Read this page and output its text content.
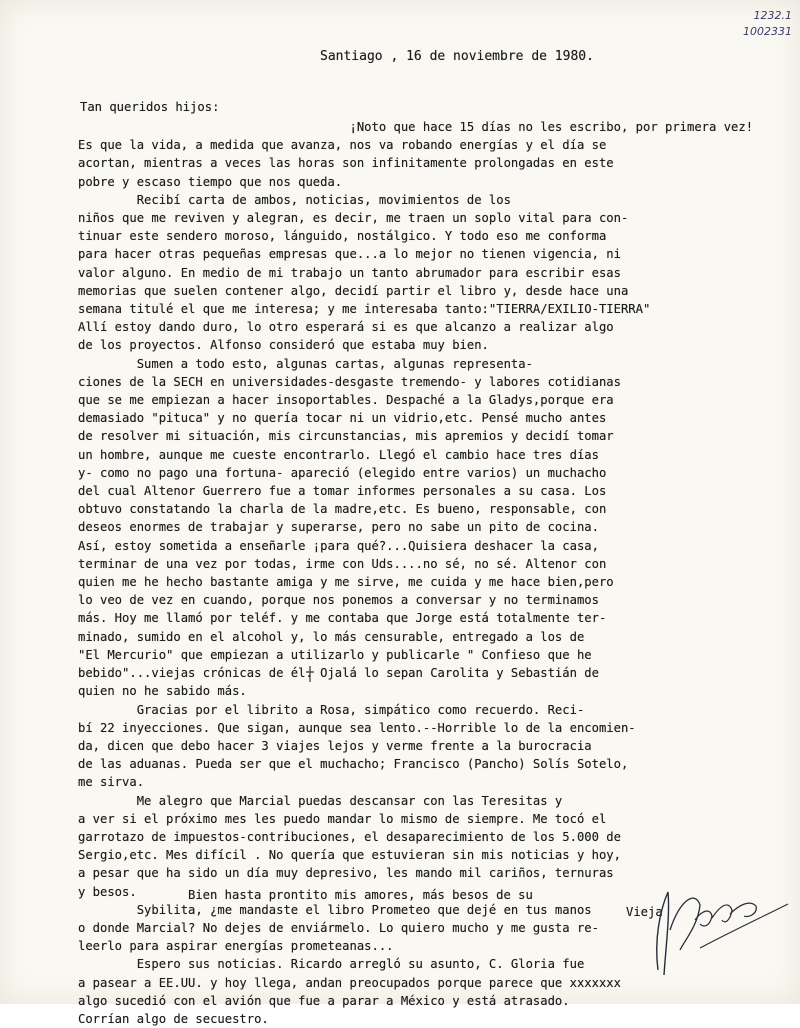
1232.1
1002331
Santiago , 16 de noviembre de 1980.
Tan queridos hijos:
¡Noto que hace 15 días no les escribo, por primera vez!
Es que la vida, a medida que avanza, nos va robando energías y el día se
acortan, mientras a veces las horas son infinitamente prolongadas en este
pobre y escaso tiempo que nos queda.
Recibí carta de ambos, noticias, movimientos de los
niños que me reviven y alegran, es decir, me traen un soplo vital para con-
tinuar este sendero moroso, lánguido, nostálgico. Y todo eso me conforma
para hacer otras pequeñas empresas que...a lo mejor no tienen vigencia, ni
valor alguno. En medio de mi trabajo un tanto abrumador para escribir esas
memorias que suelen contener algo, decidí partir el libro y, desde hace una
semana titulé el que me interesa; y me interesaba tanto:"TIERRA/EXILIO-TIERRA"
Allí estoy dando duro, lo otro esperará si es que alcanzo a realizar algo
de los proyectos. Alfonso consideró que estaba muy bien.
Sumen a todo esto, algunas cartas, algunas representa-
ciones de la SECH en universidades-desgaste tremendo- y labores cotidianas
que se me empiezan a hacer insoportables. Despaché a la Gladys,porque era
demasiado "pituca" y no quería tocar ni un vidrio,etc. Pensé mucho antes
de resolver mi situación, mis circunstancias, mis apremios y decidí tomar
un hombre, aunque me cueste encontrarlo. Llegó el cambio hace tres días
y- como no pago una fortuna- apareció (elegido entre varios) un muchacho
del cual Altenor Guerrero fue a tomar informes personales a su casa. Los
obtuvo constatando la charla de la madre,etc. Es bueno, responsable, con
deseos enormes de trabajar y superarse, pero no sabe un pito de cocina.
Así, estoy sometida a enseñarle ¡para qué?...Quisiera deshacer la casa,
terminar de una vez por todas, irme con Uds....no sé, no sé. Altenor con
quien me he hecho bastante amiga y me sirve, me cuida y me hace bien,pero
lo veo de vez en cuando, porque nos ponemos a conversar y no terminamos
más. Hoy me llamó por teléf. y me contaba que Jorge está totalmente ter-
minado, sumido en el alcohol y, lo más censurable, entregado a los de
"El Mercurio" que empiezan a utilizarlo y publicarle " Confieso que he
bebido"...viejas crónicas de él. Ojalá lo sepan Carolita y Sebastián de
quien no he sabido más.
Gracias por el librito a Rosa, simpático como recuerdo. Reci-
bí 22 inyecciones. Que sigan, aunque sea lento.--Horrible lo de la encomien-
da, dicen que debo hacer 3 viajes lejos y verme frente a la burocracia
de las aduanas. Pueda ser que el muchacho; Francisco (Pancho) Solís Sotelo,
me sirva.
Me alegro que Marcial puedas descansar con las Teresitas y
a ver si el próximo mes les puedo mandar lo mismo de siempre. Me tocó el
garrotazo de impuestos-contribuciones, el desaparecimiento de los 5.000 de
Sergio,etc. Mes difícil . No quería que estuvieran sin mis noticias y hoy,
a pesar que ha sido un día muy depresivo, les mando mil cariños, ternuras
y besos.
Sybilita, ¿me mandaste el libro Prometeo que dejé en tus manos
o donde Marcial? No dejes de enviármelo. Lo quiero mucho y me gusta re-
leerlo para aspirar energías prometeanas...
Espero sus noticias. Ricardo arregló su asunto, C. Gloria fue
a pasear a EE.UU. y hoy llega, andan preocupados porque parece que xxxxxxx
algo sucedió con el avión que fue a parar a México y está atrasado.
Corrían algo de secuestro.
Bien hasta prontito mis amores, más besos de su
Vieja
